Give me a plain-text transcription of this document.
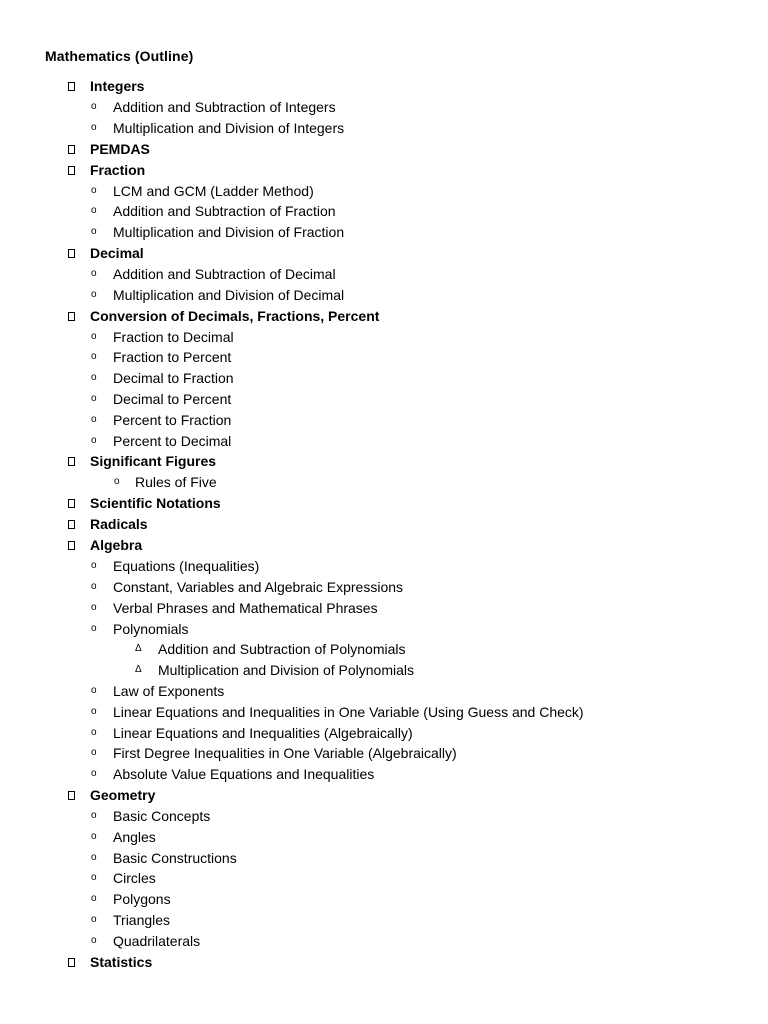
Mathematics (Outline)
Integers
o Addition and Subtraction of Integers
o Multiplication and Division of Integers
PEMDAS
Fraction
o LCM and GCM (Ladder Method)
o Addition and Subtraction of Fraction
o Multiplication and Division of Fraction
Decimal
o Addition and Subtraction of Decimal
o Multiplication and Division of Decimal
Conversion of Decimals, Fractions, Percent
o Fraction to Decimal
o Fraction to Percent
o Decimal to Fraction
o Decimal to Percent
o Percent to Fraction
o Percent to Decimal
Significant Figures
o Rules of Five
Scientific Notations
Radicals
Algebra
o Equations (Inequalities)
o Constant, Variables and Algebraic Expressions
o Verbal Phrases and Mathematical Phrases
o Polynomials
Δ Addition and Subtraction of Polynomials
Δ Multiplication and Division of Polynomials
o Law of Exponents
o Linear Equations and Inequalities in One Variable (Using Guess and Check)
o Linear Equations and Inequalities (Algebraically)
o First Degree Inequalities in One Variable (Algebraically)
o Absolute Value Equations and Inequalities
Geometry
o Basic Concepts
o Angles
o Basic Constructions
o Circles
o Polygons
o Triangles
o Quadrilaterals
Statistics
